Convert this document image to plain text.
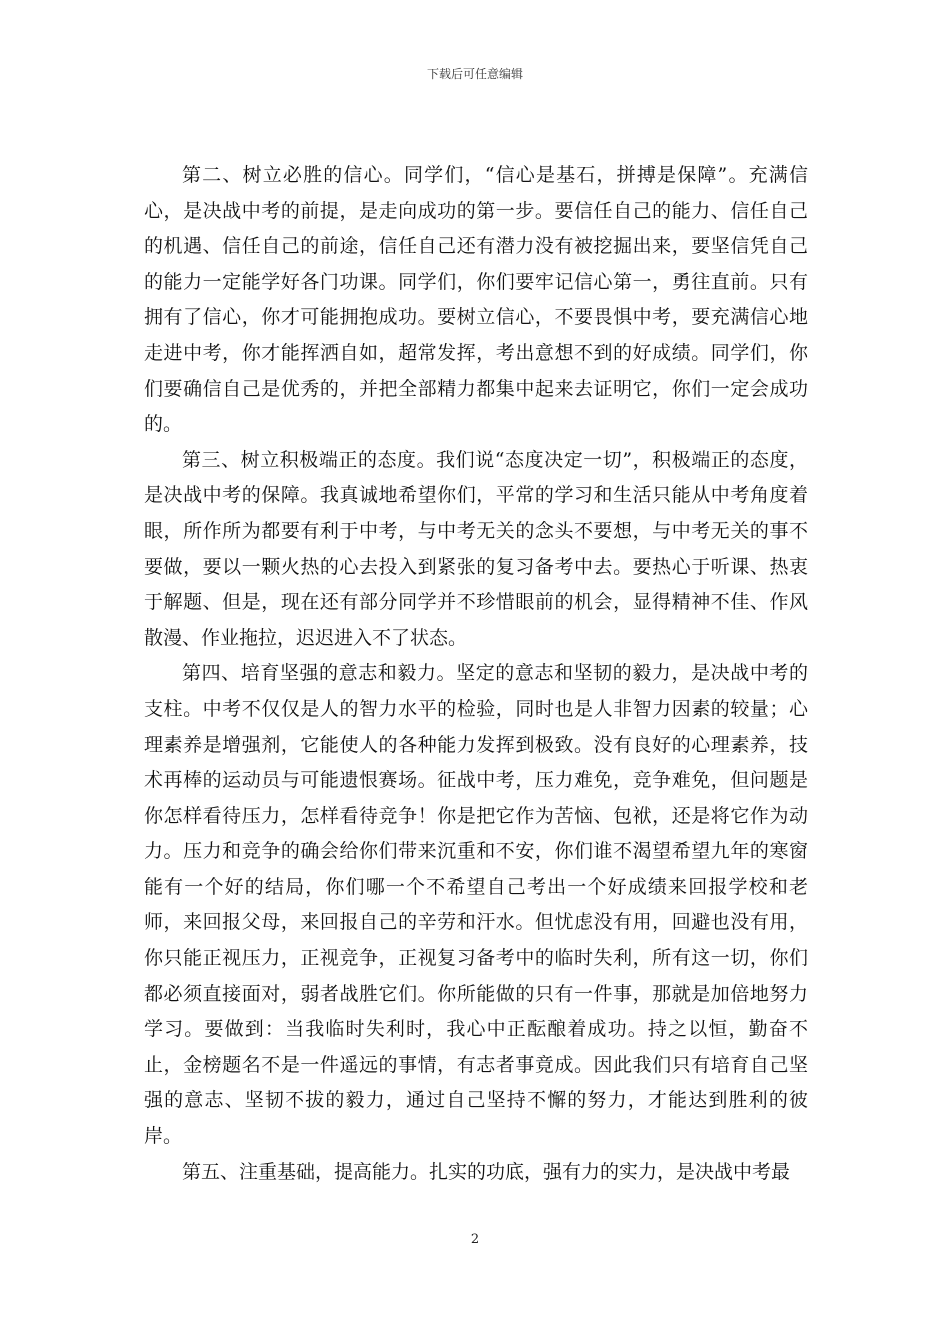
下载后可任意编辑

第二、树立必胜的信心。同学们，“信心是基石，拼搏是保障”。充满信心，是决战中考的前提，是走向成功的第一步。要信任自己的能力、信任自己的机遇、信任自己的前途，信任自己还有潜力没有被挖掘出来，要坚信凭自己的能力一定能学好各门功课。同学们，你们要牢记信心第一，勇往直前。只有拥有了信心，你才可能拥抱成功。要树立信心，不要畏惧中考，要充满信心地走进中考，你才能挥洒自如，超常发挥，考出意想不到的好成绩。同学们，你们要确信自己是优秀的，并把全部精力都集中起来去证明它，你们一定会成功的。

第三、树立积极端正的态度。我们说“态度决定一切”，积极端正的态度，是决战中考的保障。我真诚地希望你们，平常的学习和生活只能从中考角度着眼，所作所为都要有利于中考，与中考无关的念头不要想，与中考无关的事不要做，要以一颗火热的心去投入到紧张的复习备考中去。要热心于听课、热衷于解题、但是，现在还有部分同学并不珍惜眼前的机会，显得精神不佳、作风散漫、作业拖拉，迟迟进入不了状态。

第四、培育坚强的意志和毅力。坚定的意志和坚韧的毅力，是决战中考的支柱。中考不仅仅是人的智力水平的检验，同时也是人非智力因素的较量；心理素养是增强剂，它能使人的各种能力发挥到极致。没有良好的心理素养，技术再棒的运动员与可能遗恨赛场。征战中考，压力难免，竞争难免，但问题是你怎样看待压力，怎样看待竞争！你是把它作为苦恼、包袱，还是将它作为动力。压力和竞争的确会给你们带来沉重和不安，你们谁不渴望希望九年的寒窗能有一个好的结局，你们哪一个不希望自己考出一个好成绩来回报学校和老师，来回报父母，来回报自己的辛劳和汗水。但忧虑没有用，回避也没有用，你只能正视压力，正视竞争，正视复习备考中的临时失利，所有这一切，你们都必须直接面对，弱者战胜它们。你所能做的只有一件事，那就是加倍地努力学习。要做到：当我临时失利时，我心中正酝酿着成功。持之以恒，勤奋不止，金榜题名不是一件遥远的事情，有志者事竟成。因此我们只有培育自己坚强的意志、坚韧不拔的毅力，通过自己坚持不懈的努力，才能达到胜利的彼岸。

第五、注重基础，提高能力。扎实的功底，强有力的实力，是决战中考最

2
